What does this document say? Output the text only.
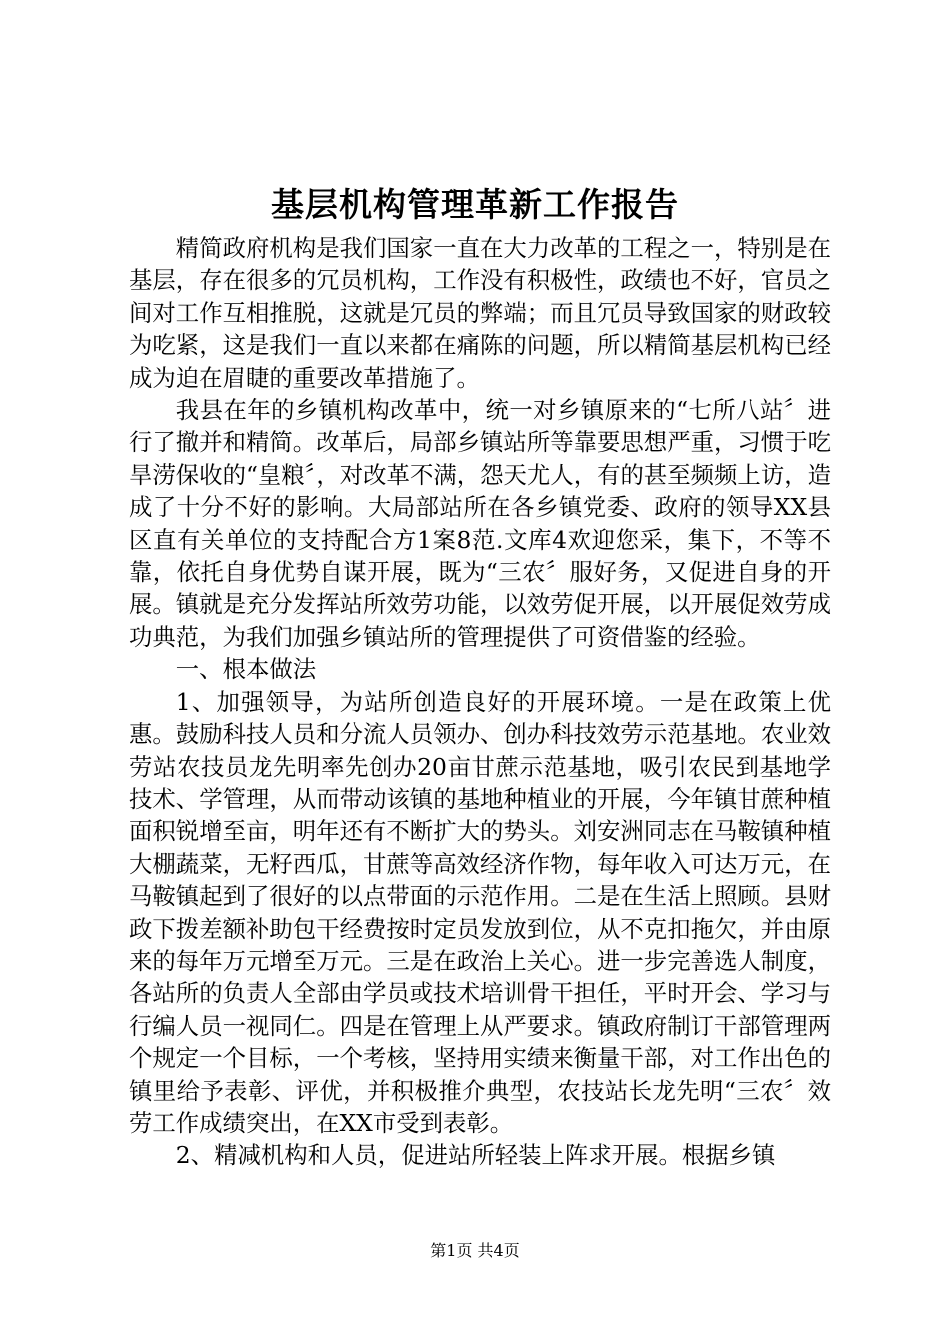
基层机构管理革新工作报告

精简政府机构是我们国家一直在大力改革的工程之一，特别是在基层，存在很多的冗员机构，工作没有积极性，政绩也不好，官员之间对工作互相推脱，这就是冗员的弊端；而且冗员导致国家的财政较为吃紧，这是我们一直以来都在痛陈的问题，所以精简基层机构已经成为迫在眉睫的重要改革措施了。

我县在年的乡镇机构改革中，统一对乡镇原来的“七所八站〞进行了撤并和精简。改革后，局部乡镇站所等靠要思想严重，习惯于吃旱涝保收的“皇粮〞，对改革不满，怨天尤人，有的甚至频频上访，造成了十分不好的影响。大局部站所在各乡镇党委、政府的领导XX县区直有关单位的支持配合方1案8范.文库4欢迎您采，集下，不等不靠，依托自身优势自谋开展，既为“三农〞服好务，又促进自身的开展。镇就是充分发挥站所效劳功能，以效劳促开展，以开展促效劳成功典范，为我们加强乡镇站所的管理提供了可资借鉴的经验。

一、根本做法

1、加强领导，为站所创造良好的开展环境。一是在政策上优惠。鼓励科技人员和分流人员领办、创办科技效劳示范基地。农业效劳站农技员龙先明率先创办20亩甘蔗示范基地，吸引农民到基地学技术、学管理，从而带动该镇的基地种植业的开展，今年镇甘蔗种植面积锐增至亩，明年还有不断扩大的势头。刘安洲同志在马鞍镇种植大棚蔬菜，无籽西瓜，甘蔗等高效经济作物，每年收入可达万元，在马鞍镇起到了很好的以点带面的示范作用。二是在生活上照顾。县财政下拨差额补助包干经费按时定员发放到位，从不克扣拖欠，并由原来的每年万元增至万元。三是在政治上关心。进一步完善选人制度，各站所的负责人全部由学员或技术培训骨干担任，平时开会、学习与行编人员一视同仁。四是在管理上从严要求。镇政府制订干部管理两个规定一个目标，一个考核，坚持用实绩来衡量干部，对工作出色的镇里给予表彰、评优，并积极推介典型，农技站长龙先明“三农〞效劳工作成绩突出，在XX市受到表彰。

2、精减机构和人员，促进站所轻装上阵求开展。根据乡镇

第1页 共4页
